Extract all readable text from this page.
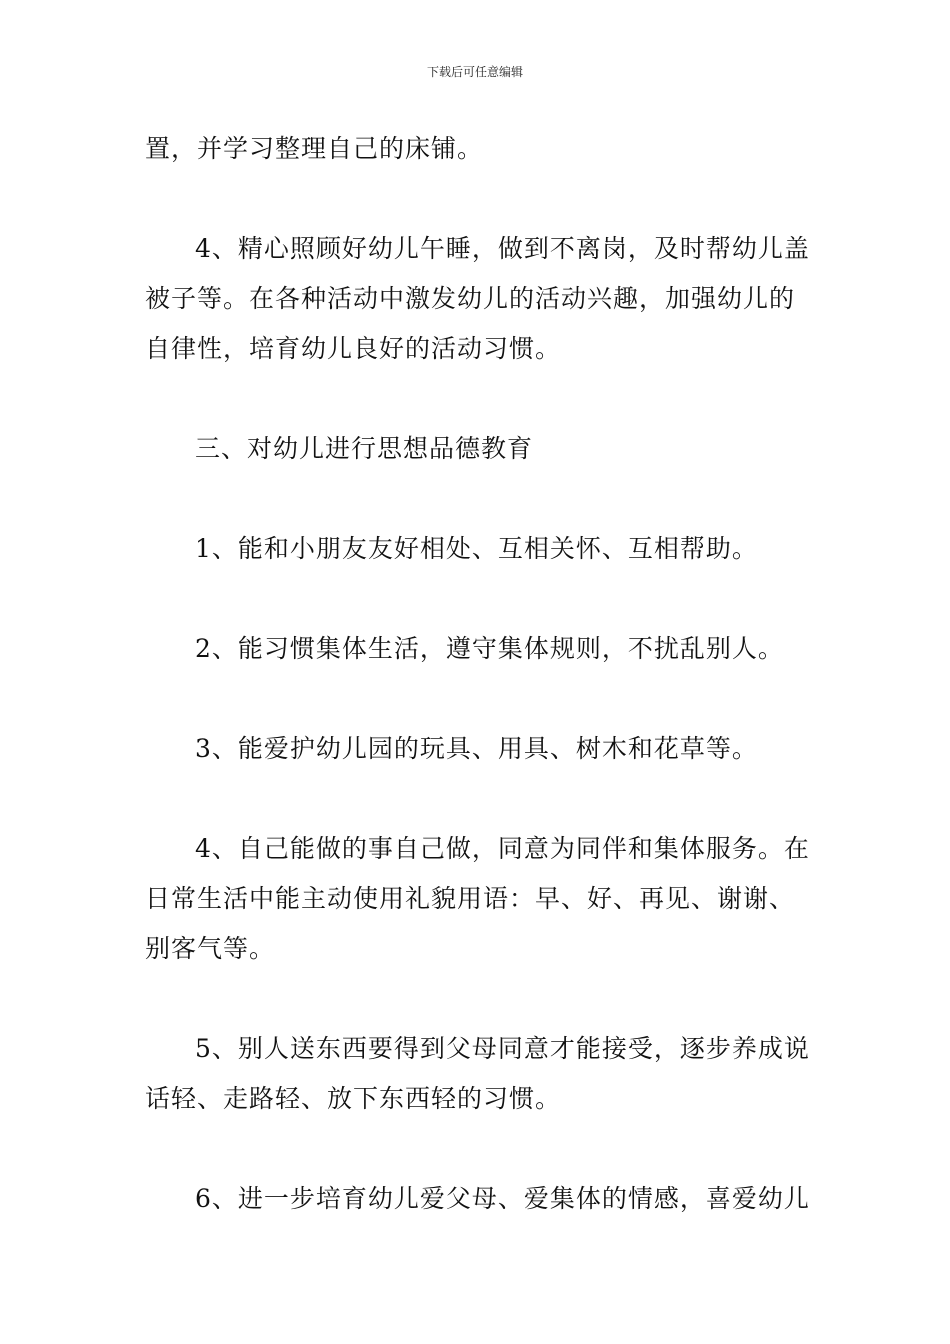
下载后可任意编辑

置，并学习整理自己的床铺。

4、精心照顾好幼儿午睡，做到不离岗，及时帮幼儿盖
被子等。在各种活动中激发幼儿的活动兴趣，加强幼儿的
自律性，培育幼儿良好的活动习惯。

三、对幼儿进行思想品德教育

1、能和小朋友友好相处、互相关怀、互相帮助。

2、能习惯集体生活，遵守集体规则，不扰乱别人。

3、能爱护幼儿园的玩具、用具、树木和花草等。

4、自己能做的事自己做，同意为同伴和集体服务。在
日常生活中能主动使用礼貌用语：早、好、再见、谢谢、
别客气等。

5、别人送东西要得到父母同意才能接受，逐步养成说
话轻、走路轻、放下东西轻的习惯。

6、进一步培育幼儿爱父母、爱集体的情感，喜爱幼儿
